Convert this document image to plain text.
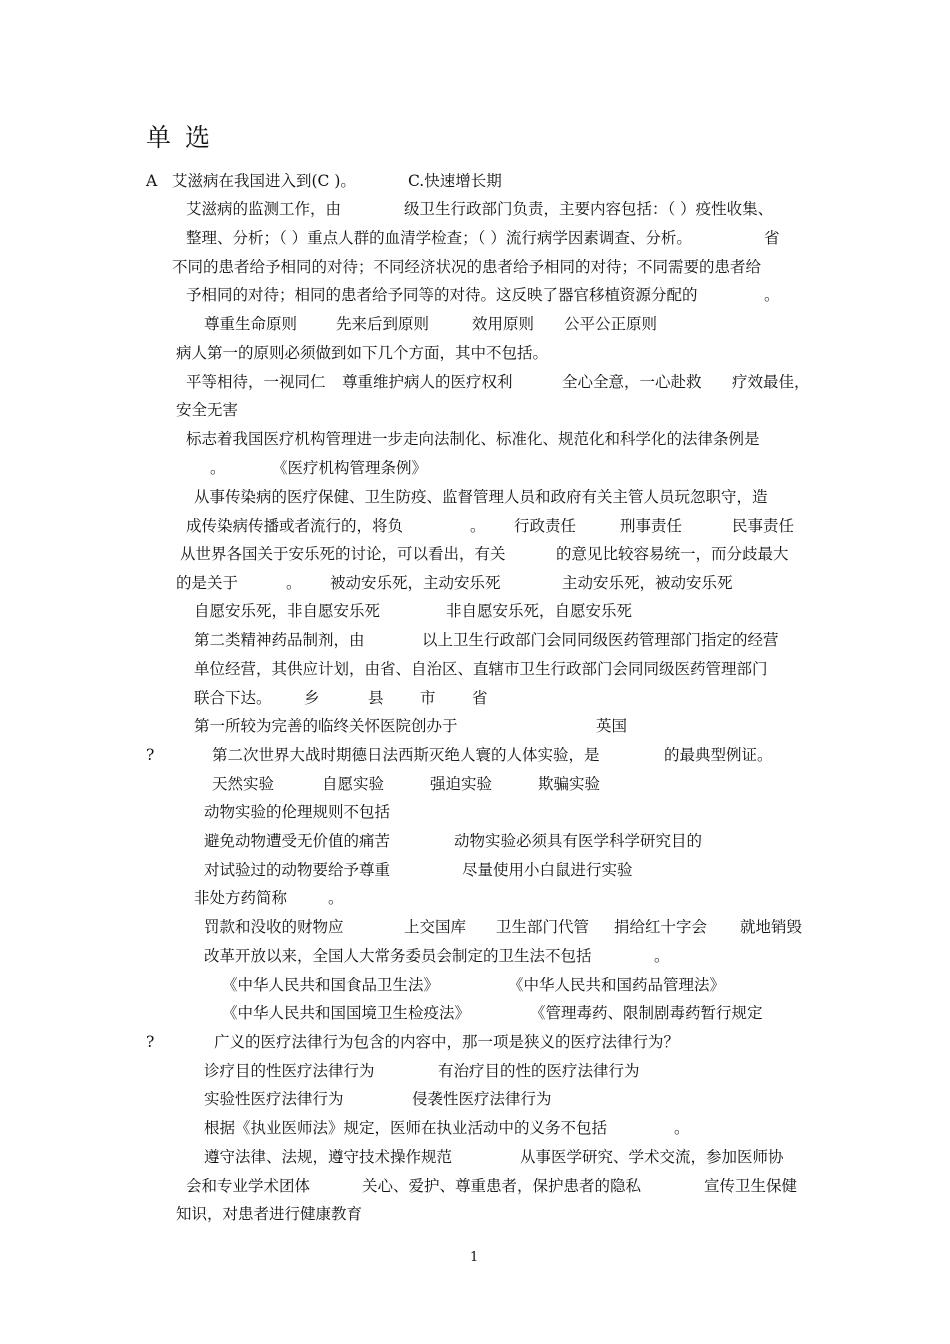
单选
A 艾滋病在我国进入到(C )。	C.快速增长期
艾滋病的监测工作，由	级卫生行政部门负责，主要内容包括：（ ）疫性收集、
整理、分析；（ ）重点人群的血清学检查；（ ）流行病学因素调查、分析。	省
不同的患者给予相同的对待；不同经济状况的患者给予相同的对待；不同需要的患者给
予相同的对待；相同的患者给予同等的对待。这反映了器官移植资源分配的	。
尊重生命原则	先来后到原则	效用原则 公平公正原则
病人第一的原则必须做到如下几个方面，其中不包括。
平等相待，一视同仁 尊重维护病人的医疗权利	全心全意，一心赴救 疗效最佳，
安全无害
标志着我国医疗机构管理进一步走向法制化、标准化、规范化和科学化的法律条例是
。	《医疗机构管理条例》
从事传染病的医疗保健、卫生防疫、监督管理人员和政府有关主管人员玩忽职守，造
成传染病传播或者流行的，将负	。 行政责任	刑事责任	民事责任
从世界各国关于安乐死的讨论，可以看出，有关	的意见比较容易统一，而分歧最大
的是关于	。 被动安乐死，主动安乐死	主动安乐死，被动安乐死
自愿安乐死，非自愿安乐死	非自愿安乐死，自愿安乐死
第二类精神药品制剂，由	以上卫生行政部门会同同级医药管理部门指定的经营
单位经营，其供应计划，由省、自治区、直辖市卫生行政部门会同同级医药管理部门
联合下达。 乡	县 市 省
第一所较为完善的临终关怀医院创办于	英国
?	第二次世界大战时期德日法西斯灭绝人寰的人体实验，是	的最典型例证。
天然实验	自愿实验	强迫实验	欺骗实验
动物实验的伦理规则不包括
避免动物遭受无价值的痛苦	动物实验必须具有医学科学研究目的
对试验过的动物要给予尊重	尽量使用小白鼠进行实验
非处方药简称	。
罚款和没收的财物应	上交国库 卫生部门代管 捐给红十字会 就地销毁
改革开放以来，全国人大常务委员会制定的卫生法不包括	。
《中华人民共和国食品卫生法》	《中华人民共和国药品管理法》
《中华人民共和国国境卫生检疫法》	《管理毒药、限制剧毒药暂行规定
?	广义的医疗法律行为包含的内容中，那一项是狭义的医疗法律行为？
诊疗目的性医疗法律行为	有治疗目的性的医疗法律行为
实验性医疗法律行为	侵袭性医疗法律行为
根据《执业医师法》规定，医师在执业活动中的义务不包括	。
遵守法律、法规，遵守技术操作规范	从事医学研究、学术交流，参加医师协
会和专业学术团体	关心、爱护、尊重患者，保护患者的隐私	宣传卫生保健
知识，对患者进行健康教育
1
